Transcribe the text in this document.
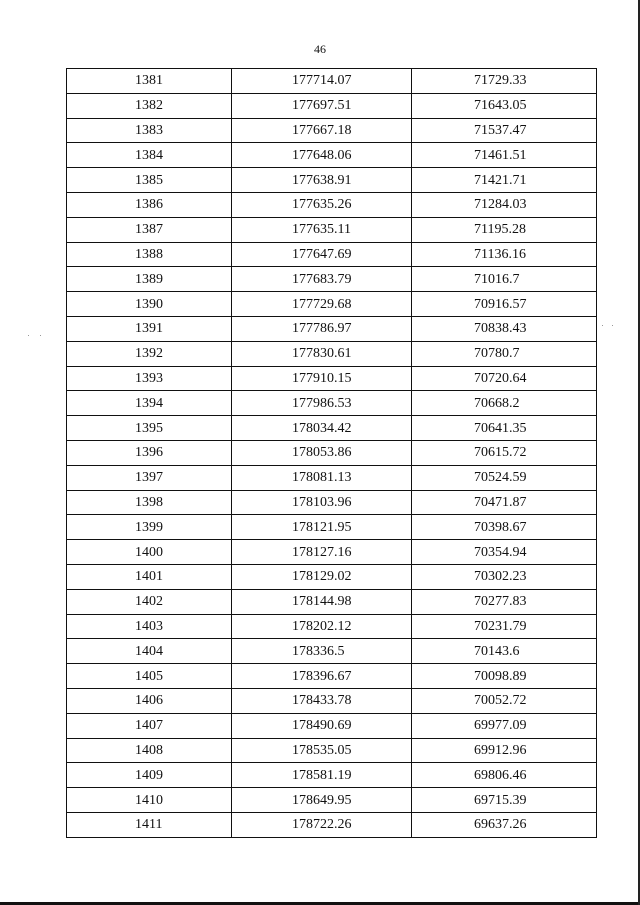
46
1381	177714.07	71729.33
1382	177697.51	71643.05
1383	177667.18	71537.47
1384	177648.06	71461.51
1385	177638.91	71421.71
1386	177635.26	71284.03
1387	177635.11	71195.28
1388	177647.69	71136.16
1389	177683.79	71016.7
1390	177729.68	70916.57
1391	177786.97	70838.43
1392	177830.61	70780.7
1393	177910.15	70720.64
1394	177986.53	70668.2
1395	178034.42	70641.35
1396	178053.86	70615.72
1397	178081.13	70524.59
1398	178103.96	70471.87
1399	178121.95	70398.67
1400	178127.16	70354.94
1401	178129.02	70302.23
1402	178144.98	70277.83
1403	178202.12	70231.79
1404	178336.5	70143.6
1405	178396.67	70098.89
1406	178433.78	70052.72
1407	178490.69	69977.09
1408	178535.05	69912.96
1409	178581.19	69806.46
1410	178649.95	69715.39
1411	178722.26	69637.26
